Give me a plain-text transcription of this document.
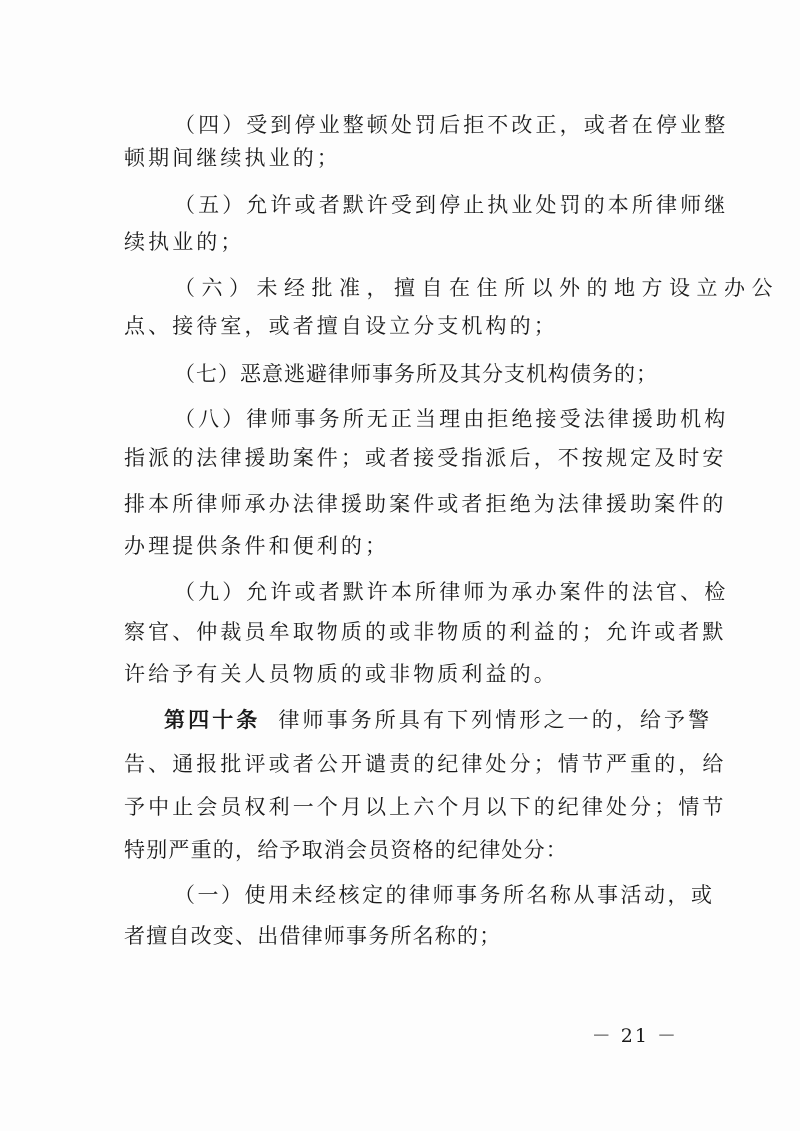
（四）受到停业整顿处罚后拒不改正，或者在停业整
顿期间继续执业的；
（五）允许或者默许受到停止执业处罚的本所律师继
续执业的；
（六）未经批准，擅自在住所以外的地方设立办公
点、接待室，或者擅自设立分支机构的；
（七）恶意逃避律师事务所及其分支机构债务的；
（八）律师事务所无正当理由拒绝接受法律援助机构
指派的法律援助案件；或者接受指派后，不按规定及时安
排本所律师承办法律援助案件或者拒绝为法律援助案件的
办理提供条件和便利的；
（九）允许或者默许本所律师为承办案件的法官、检
察官、仲裁员牟取物质的或非物质的利益的；允许或者默
许给予有关人员物质的或非物质利益的。
第四十条 律师事务所具有下列情形之一的，给予警
告、通报批评或者公开谴责的纪律处分；情节严重的，给
予中止会员权利一个月以上六个月以下的纪律处分；情节
特别严重的，给予取消会员资格的纪律处分：
（一）使用未经核定的律师事务所名称从事活动，或
者擅自改变、出借律师事务所名称的；
－ 21 －
